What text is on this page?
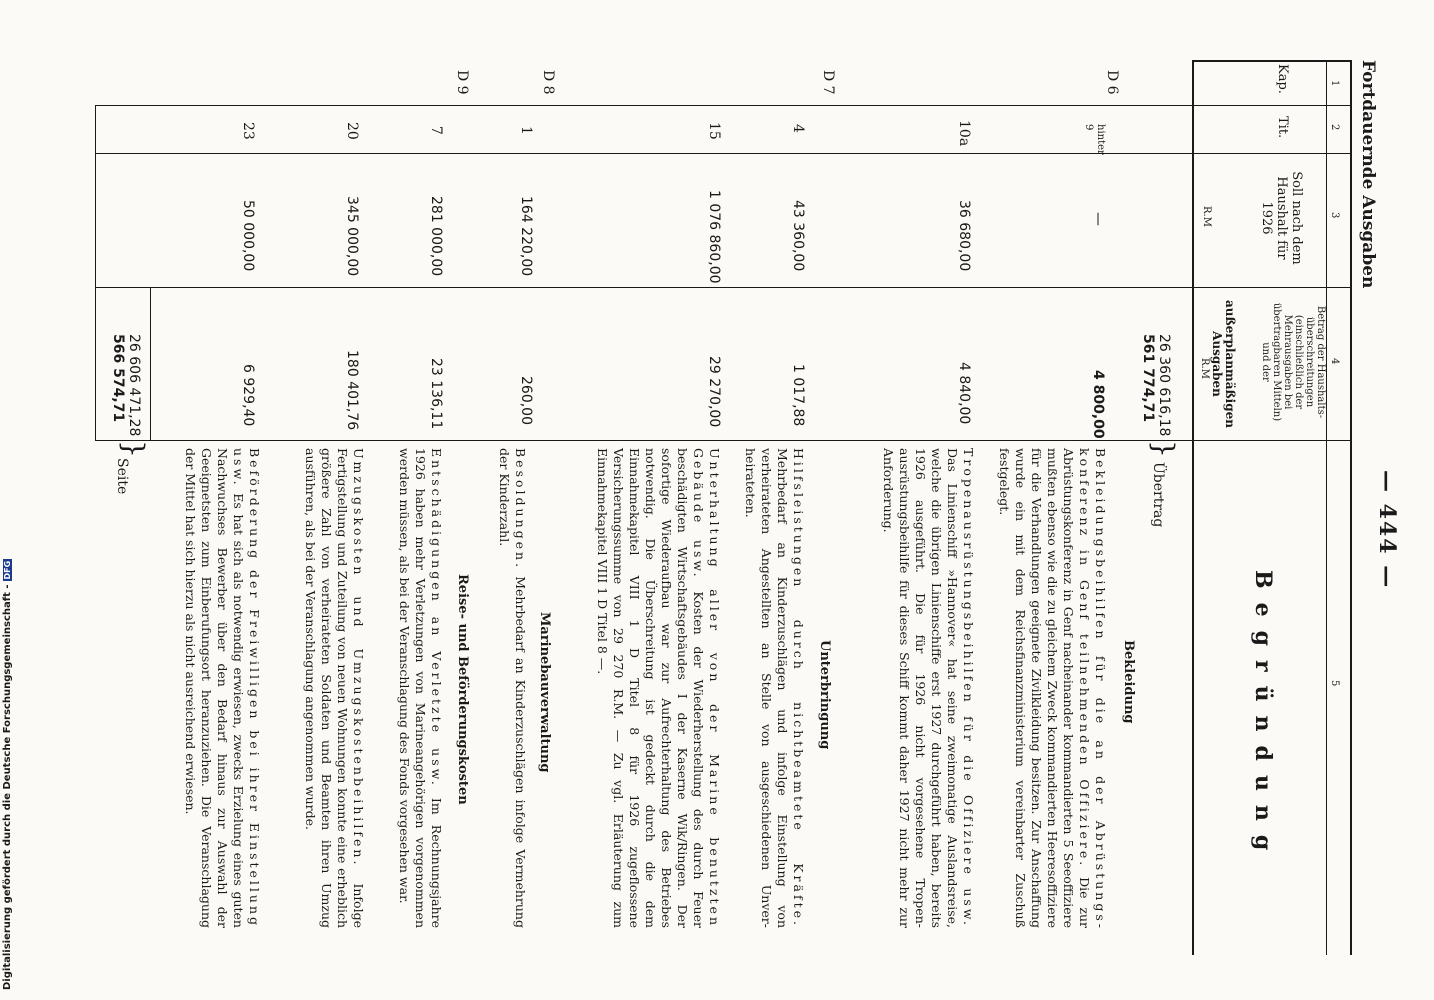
Fortdauernde Ausgaben
— 444 —
1
2
3
4
5
Kap.
Tit.
Soll nach dem Haushalt für 1926
R.M
Betrag der Haushaltsüberschreitungen (einschließlich der Mehrausgaben bei übertragbaren Mitteln) und der
außerplanmäßigen Ausgaben
R.M
Begründung
26 360 616,18
561 774,71
}
Übertrag
D 6
D 7
D 8
D 9
hinter 9
—
4 800,00
10a
36 680,00
4 840,00
4
43 360,00
1 017,88
15
1 076 860,00
29 270,00
1
164 220,00
260,00
7
281 000,00
23 136,11
20
345 000,00
180 401,76
23
50 000,00
6 929,40
26 606 471,28
566 574,71
}
Seite
Bekleidung
Unterbringung
Marinebauverwaltung
Reise- und Beförderungskosten	Bekleidungsbeihilfen für die an der Abrüstungskonferenz in Genf teilnehmenden Offiziere. Die zur Abrüstungskonferenz in Genf nacheinander kommandierten 5 Seeoffiziere mußten ebenso wie die zu gleichem Zweck kommandierten Heeresoffiziere für die Verhandlungen geeignete Zivilkleidung besitzen. Zur Anschaffung wurde ein mit dem Reichsfinanzministerium vereinbarter Zuschuß festgelegt.
Tropenausrüstungsbeihilfen für die Offiziere usw. Das Linienschiff »Hannover« hat seine zweimonatige Auslandsreise, welche die übrigen Linienschiffe erst 1927 durchgeführt haben, bereits 1926 ausgeführt. Die für 1926 nicht vorgesehene Tropenausrüstungsbeihilfe für dieses Schiff kommt daher 1927 nicht mehr zur Anforderung.
Hilfsleistungen durch nichtbeamtete Kräfte. Mehrbedarf an Kinderzuschlägen und infolge Einstellung von verheirateten Angestellten an Stelle von ausgeschiedenen Unverheirateten.
Unterhaltung aller von der Marine benutzten Gebäude usw. Kosten der Wiederherstellung des durch Feuer beschädigten Wirtschaftsgebäudes I der Kaserne Wik/Ringen. Der sofortige Wiederaufbau war zur Aufrechterhaltung des Betriebes notwendig. Die Überschreitung ist gedeckt durch die dem Einnahmekapitel VIII 1 D Titel 8 für 1926 zugeflossene Versicherungssumme von 29 270 R.M. — Zu vgl. Erläuterung zum Einnahmekapitel VIII 1 D Titel 8 —.
Besoldungen. Mehrbedarf an Kinderzuschlägen infolge Vermehrung der Kinderzahl.
Entschädigungen an Verletzte usw. Im Rechnungsjahre 1926 haben mehr Verletzungen von Marineangehörigen vorgenommen werden müssen, als bei der Veranschlagung des Fonds vorgesehen war.
Umzugskosten und Umzugskostenbeihilfen. Infolge Fertigstellung und Zuteilung von neuen Wohnungen konnte eine erheblich größere Zahl von verheirateten Soldaten und Beamten ihren Umzug ausführen, als bei der Veranschlagung angenommen wurde.
Beförderung der Freiwilligen bei ihrer Einstellung usw. Es hat sich als notwendig erwiesen, zwecks Erzielung eines guten Nachwuchses Bewerber über den Bedarf hinaus zur Auswahl der Geeignetsten zum Einberufungsort heranzuziehen. Die Veranschlagung der Mittel hat sich hierzu als nicht ausreichend erwiesen.
Digitalisierung gefördert durch die Deutsche Forschungsgemeinschaft -DFG
